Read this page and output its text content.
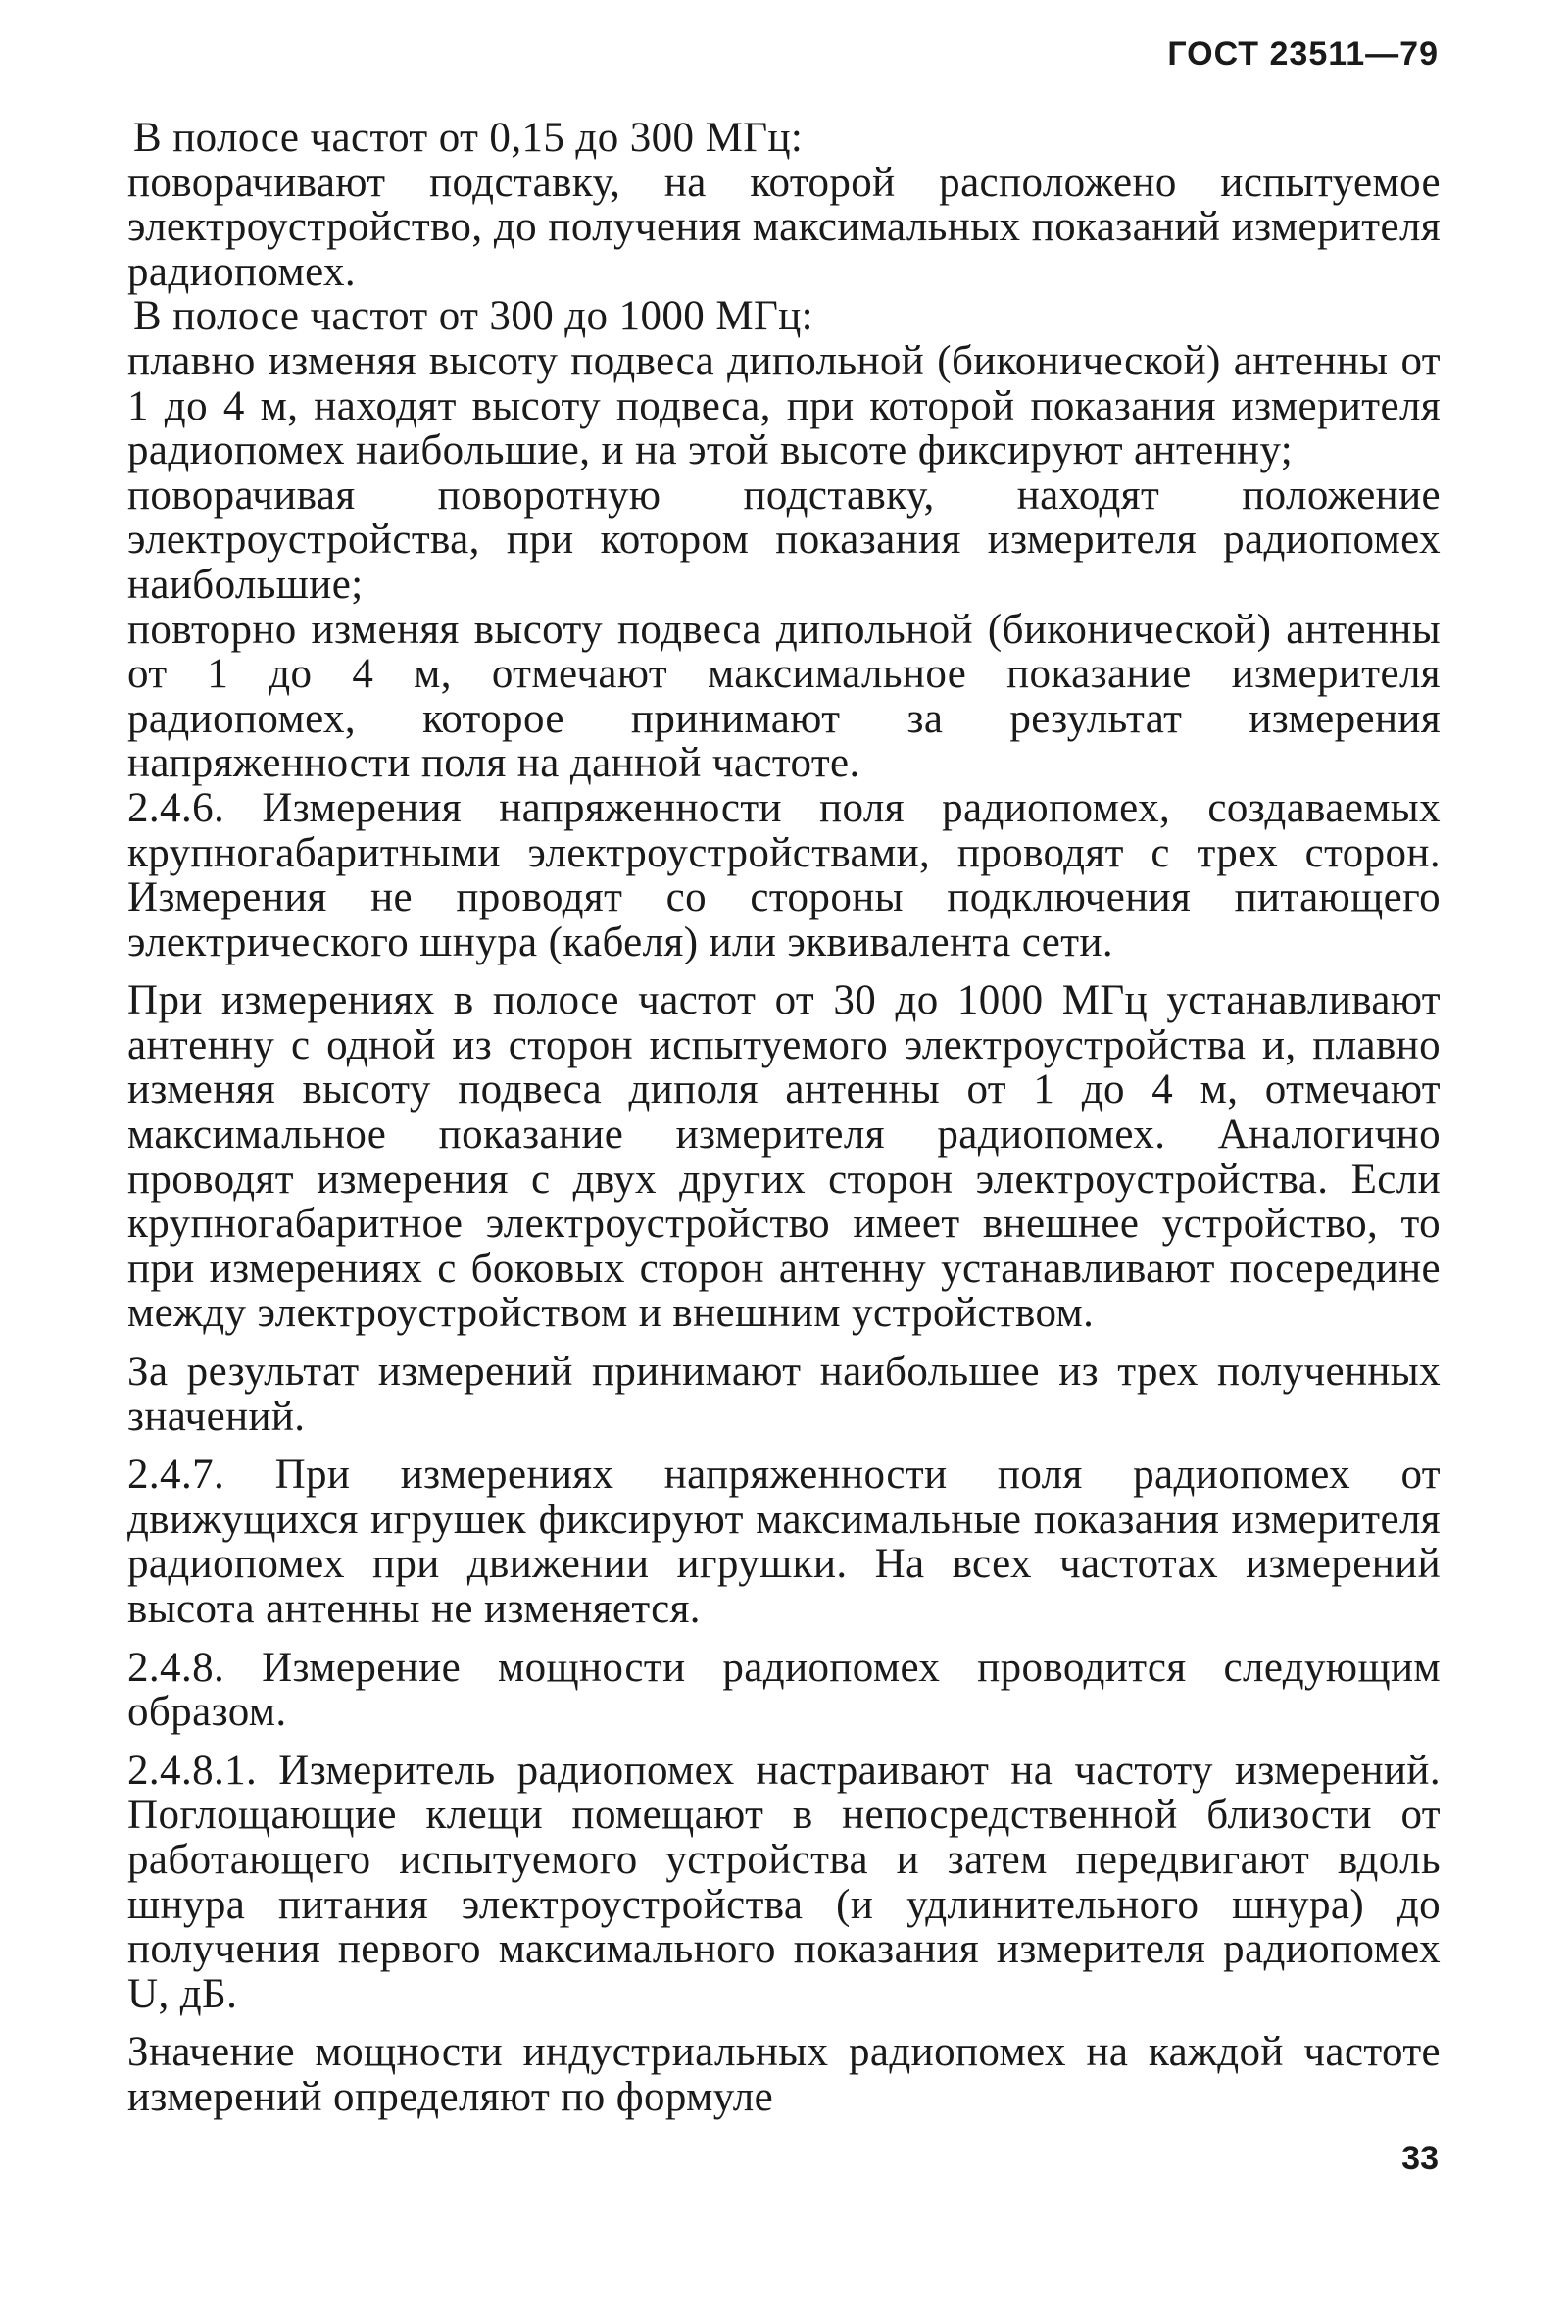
ГОСТ 23511—79

В полосе частот от 0,15 до 300 МГц:

поворачивают подставку, на которой расположено испытуемое электроустройство, до получения максимальных показаний измерителя радиопомех.

В полосе частот от 300 до 1000 МГц:

плавно изменяя высоту подвеса дипольной (биконической) антенны от 1 до 4 м, находят высоту подвеса, при которой показания измерителя радиопомех наибольшие, и на этой высоте фиксируют антенну;

поворачивая поворотную подставку, находят положение электроустройства, при котором показания измерителя радиопомех наибольшие;

повторно изменяя высоту подвеса дипольной (биконической) антенны от 1 до 4 м, отмечают максимальное показание измерителя радиопомех, которое принимают за результат измерения напряженности поля на данной частоте.

2.4.6. Измерения напряженности поля радиопомех, создаваемых крупногабаритными электроустройствами, проводят с трех сторон. Измерения не проводят со стороны подключения питающего электрического шнура (кабеля) или эквивалента сети.

При измерениях в полосе частот от 30 до 1000 МГц устанавливают антенну с одной из сторон испытуемого электроустройства и, плавно изменяя высоту подвеса диполя антенны от 1 до 4 м, отмечают максимальное показание измерителя радиопомех. Аналогично проводят измерения с двух других сторон электроустройства. Если крупногабаритное электроустройство имеет внешнее устройство, то при измерениях с боковых сторон антенну устанавливают посередине между электроустройством и внешним устройством.

За результат измерений принимают наибольшее из трех полученных значений.

2.4.7. При измерениях напряженности поля радиопомех от движущихся игрушек фиксируют максимальные показания измерителя радиопомех при движении игрушки. На всех частотах измерений высота антенны не изменяется.

2.4.8. Измерение мощности радиопомех проводится следующим образом.

2.4.8.1. Измеритель радиопомех настраивают на частоту измерений. Поглощающие клещи помещают в непосредственной близости от работающего испытуемого устройства и затем передвигают вдоль шнура питания электроустройства (и удлинительного шнура) до получения первого максимального показания измерителя радиопомех U, дБ.

Значение мощности индустриальных радиопомех на каждой частоте измерений определяют по формуле

33
